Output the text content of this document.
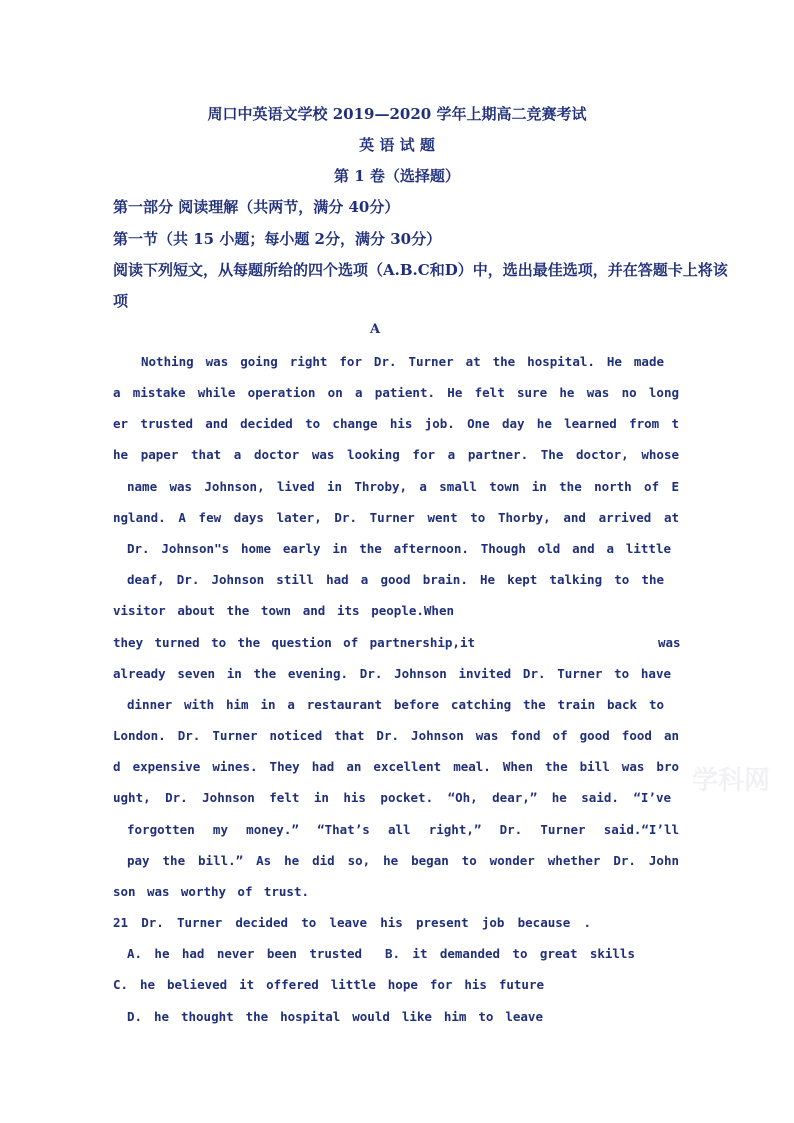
学科网
周口中英语文学校 2019—2020 学年上期高二竞赛考试
英 语 试 题
第 1 卷（选择题）
第一部分 阅读理解（共两节，满分 40分）
第一节（共 15 小题；每小题 2分，满分 30分）
阅读下列短文，从每题所给的四个选项（A.B.C和D）中，选出最佳选项，并在答题卡上将该
项
A
Nothing was going right for Dr. Turner at the hospital. He made
a mistake while operation on a patient. He felt sure he was no long
er trusted and decided to change his job. One day he learned from t
he paper that a doctor was looking for a partner. The doctor, whose
name was Johnson, lived in Throby, a small town in the north of E
ngland. A few days later, Dr. Turner went to Thorby, and arrived at
Dr. Johnson"s home early in the afternoon. Though old and a little
deaf, Dr. Johnson still had a good brain. He kept talking to the
visitor about the town and its people.When
they turned to the question of partnership,it	was
already seven in the evening. Dr. Johnson invited Dr. Turner to have
dinner with him in a restaurant before catching the train back to
London. Dr. Turner noticed that Dr. Johnson was fond of good food an
d expensive wines. They had an excellent meal. When the bill was bro
ught, Dr. Johnson felt in his pocket. “Oh, dear,” he said. “I’ve
forgotten my money.” “That’s all right,” Dr. Turner said.“I’ll
pay the bill.” As he did so, he began to wonder whether Dr. John
son was worthy of trust.
21 Dr. Turner decided to leave his present job because .
A. he had never been trusted B. it demanded to great skills
C. he believed it offered little hope for his future
D. he thought the hospital would like him to leave
